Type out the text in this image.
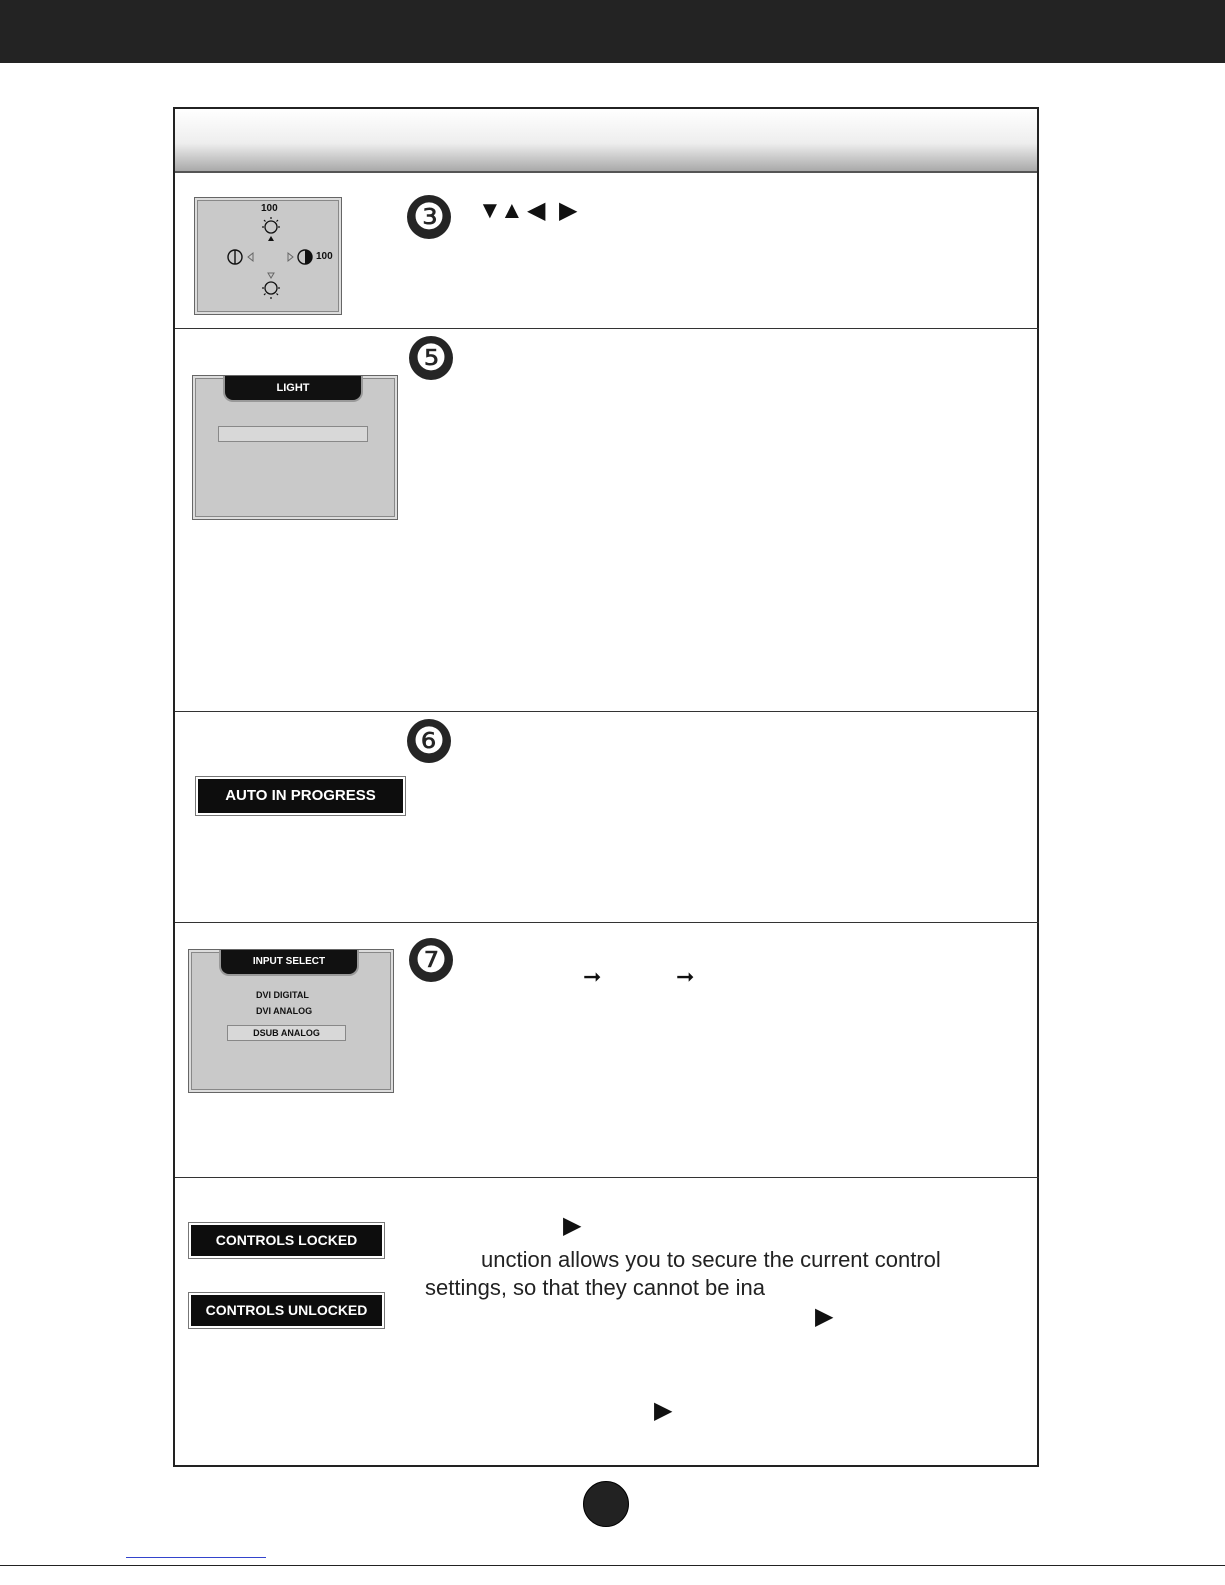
100
100
❸ ▼
▲ ◀ ▶
LIGHT
❺
❻
AUTO IN PROGRESS
INPUT SELECT
DVI DIGITAL
DVI ANALOG
DSUB ANALOG
❼	➞	➞
CONTROLS LOCKED
CONTROLS UNLOCKED
▶
unction allows you to secure the current control
settings, so that they cannot be ina
▶
▶
